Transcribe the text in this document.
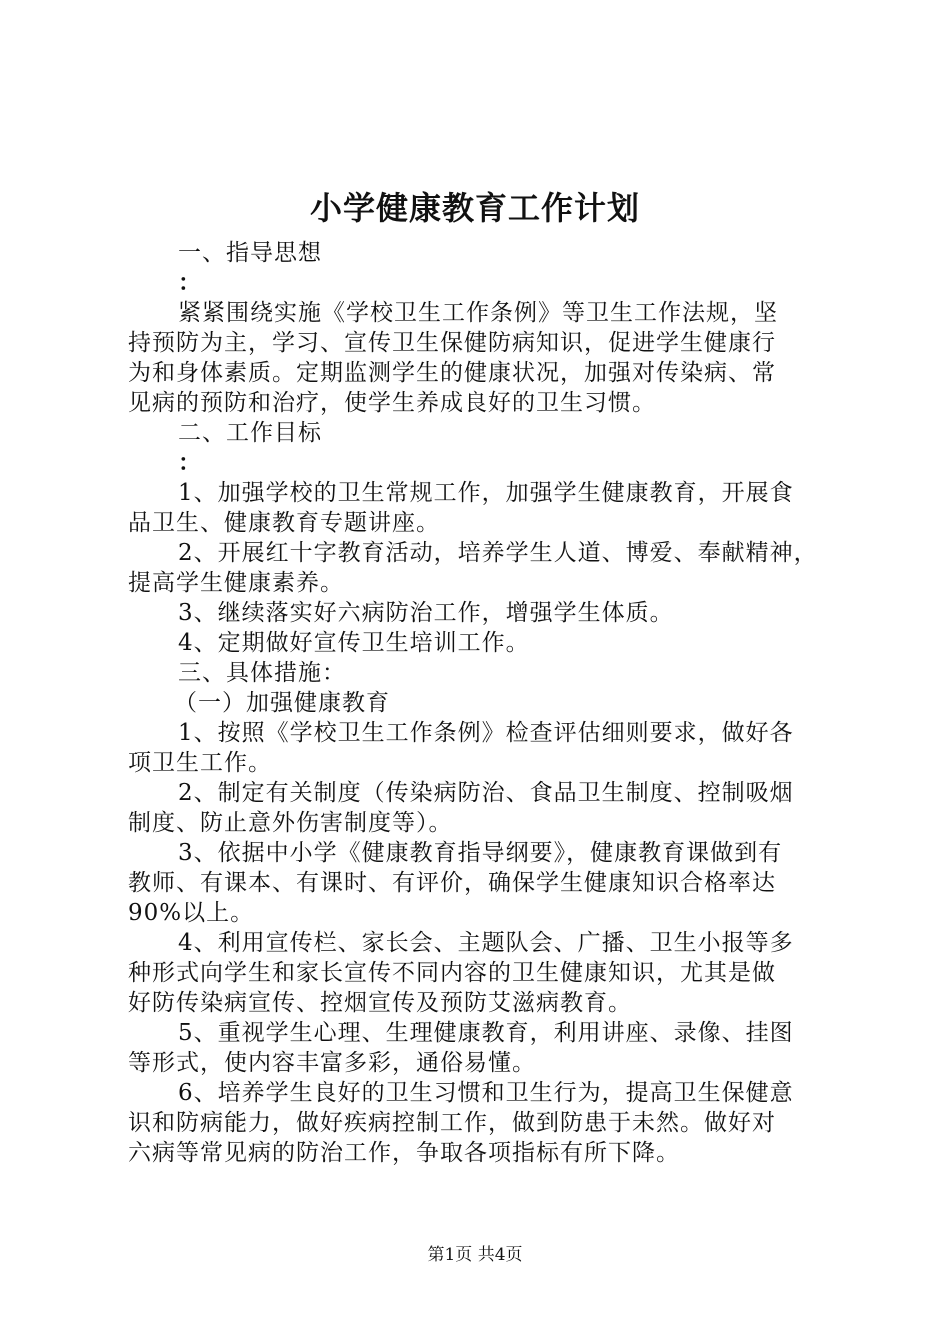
小学健康教育工作计划
一、指导思想
：
紧紧围绕实施《学校卫生工作条例》等卫生工作法规，坚
持预防为主，学习、宣传卫生保健防病知识，促进学生健康行
为和身体素质。定期监测学生的健康状况，加强对传染病、常
见病的预防和治疗，使学生养成良好的卫生习惯。
二、工作目标
：
1、加强学校的卫生常规工作，加强学生健康教育，开展食
品卫生、健康教育专题讲座。
2、开展红十字教育活动，培养学生人道、博爱、奉献精神，
提高学生健康素养。
3、继续落实好六病防治工作，增强学生体质。
4、定期做好宣传卫生培训工作。
三、具体措施：
（一）加强健康教育
1、按照《学校卫生工作条例》检查评估细则要求，做好各
项卫生工作。
2、制定有关制度（传染病防治、食品卫生制度、控制吸烟
制度、防止意外伤害制度等）。
3、依据中小学《健康教育指导纲要》，健康教育课做到有
教师、有课本、有课时、有评价，确保学生健康知识合格率达
90%以上。
4、利用宣传栏、家长会、主题队会、广播、卫生小报等多
种形式向学生和家长宣传不同内容的卫生健康知识，尤其是做
好防传染病宣传、控烟宣传及预防艾滋病教育。
5、重视学生心理、生理健康教育，利用讲座、录像、挂图
等形式，使内容丰富多彩，通俗易懂。
6、培养学生良好的卫生习惯和卫生行为，提高卫生保健意
识和防病能力，做好疾病控制工作，做到防患于未然。做好对
六病等常见病的防治工作，争取各项指标有所下降。
第1页 共4页
